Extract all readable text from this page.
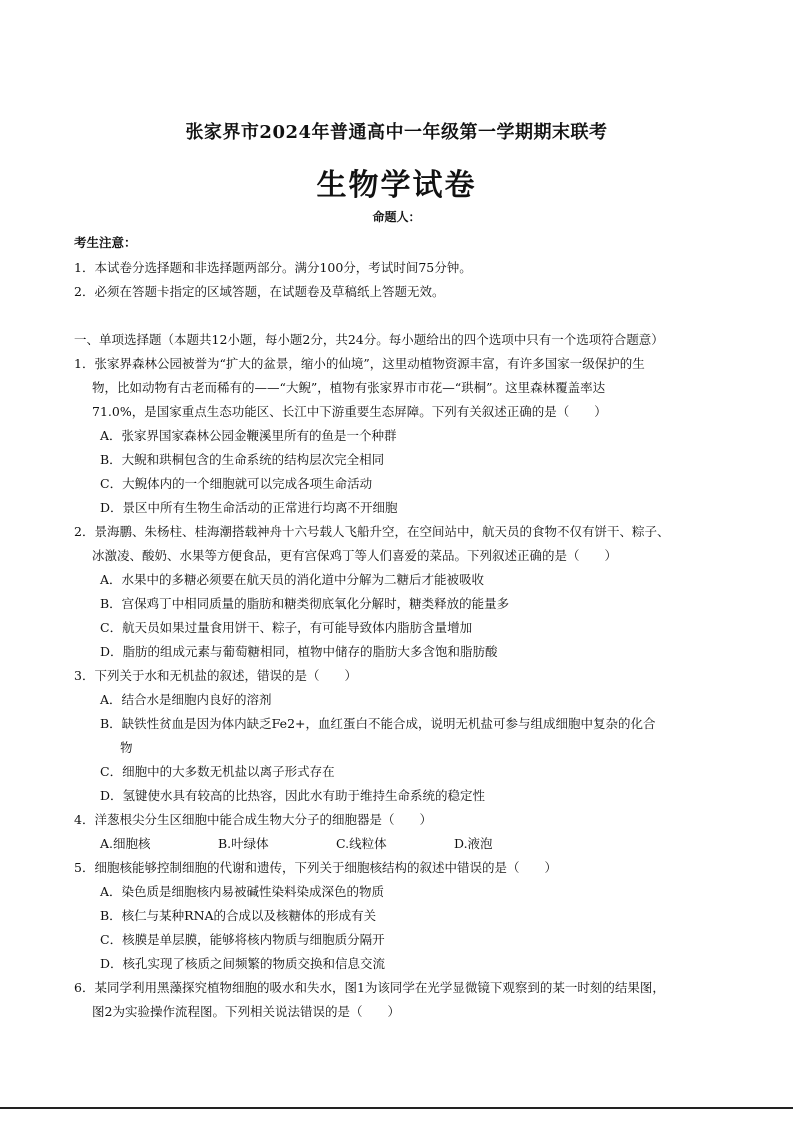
张家界市2024年普通高中一年级第一学期期末联考
生物学试卷
命题人：
考生注意：
1．本试卷分选择题和非选择题两部分。满分100分，考试时间75分钟。
2．必须在答题卡指定的区域答题，在试题卷及草稿纸上答题无效。
一、单项选择题（本题共12小题，每小题2分，共24分。每小题给出的四个选项中只有一个选项符合题意）
1．张家界森林公园被誉为“扩大的盆景，缩小的仙境”，这里动植物资源丰富，有许多国家一级保护的生
物，比如动物有古老而稀有的——“大鲵”，植物有张家界市市花—“珙桐”。这里森林覆盖率达
71.0%，是国家重点生态功能区、长江中下游重要生态屏障。下列有关叙述正确的是（　　）
A．张家界国家森林公园金鞭溪里所有的鱼是一个种群
B．大鲵和珙桐包含的生命系统的结构层次完全相同
C．大鲵体内的一个细胞就可以完成各项生命活动
D．景区中所有生物生命活动的正常进行均离不开细胞
2．景海鹏、朱杨柱、桂海潮搭载神舟十六号载人飞船升空，在空间站中，航天员的食物不仅有饼干、粽子、
冰激凌、酸奶、水果等方便食品，更有宫保鸡丁等人们喜爱的菜品。下列叙述正确的是（　　）
A．水果中的多糖必须要在航天员的消化道中分解为二糖后才能被吸收
B．宫保鸡丁中相同质量的脂肪和糖类彻底氧化分解时，糖类释放的能量多
C．航天员如果过量食用饼干、粽子，有可能导致体内脂肪含量增加
D．脂肪的组成元素与葡萄糖相同，植物中储存的脂肪大多含饱和脂肪酸
3．下列关于水和无机盐的叙述，错误的是（　　）
A．结合水是细胞内良好的溶剂
B．缺铁性贫血是因为体内缺乏Fe2+，血红蛋白不能合成，说明无机盐可参与组成细胞中复杂的化合
物
C．细胞中的大多数无机盐以离子形式存在
D．氢键使水具有较高的比热容，因此水有助于维持生命系统的稳定性
4．洋葱根尖分生区细胞中能合成生物大分子的细胞器是（　　）
A.细胞核	B.叶绿体	C.线粒体	D.液泡
5．细胞核能够控制细胞的代谢和遗传，下列关于细胞核结构的叙述中错误的是（　　）
A．染色质是细胞核内易被碱性染料染成深色的物质
B．核仁与某种RNA的合成以及核糖体的形成有关
C．核膜是单层膜，能够将核内物质与细胞质分隔开
D．核孔实现了核质之间频繁的物质交换和信息交流
6．某同学利用黑藻探究植物细胞的吸水和失水，图1为该同学在光学显微镜下观察到的某一时刻的结果图，
图2为实验操作流程图。下列相关说法错误的是（　　）
